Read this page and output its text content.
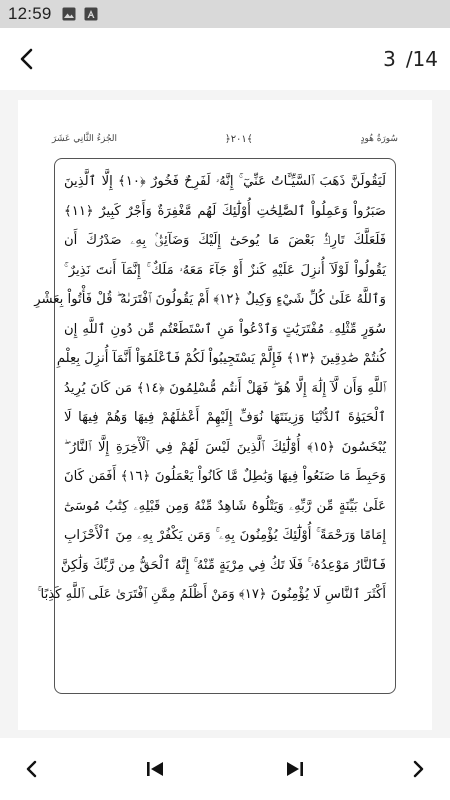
12:59
3 /14
الجُزءُ الثَّانِي عَشَرَ	﴿٢٠١﴾	سُورَةُ هُودٍ
لَيَقُولَنَّ ذَهَبَ ٱلسَّيِّـَٔاتُ عَنِّيٓ ۚ إِنَّهُۥ لَفَرِحٌ فَخُورٌ ﴿١٠﴾ إِلَّا ٱلَّذِينَ
صَبَرُواْ وَعَمِلُواْ ٱلصَّٰلِحَٰتِ أُوْلَٰٓئِكَ لَهُم مَّغْفِرَةٌ وَأَجْرٌ كَبِيرٌ ﴿١١﴾
فَلَعَلَّكَ تَارِكُۢ بَعْضَ مَا يُوحَىٰٓ إِلَيْكَ وَضَآئِقُۢ بِهِۦ صَدْرُكَ أَن
يَقُولُواْ لَوْلَآ أُنزِلَ عَلَيْهِ كَنزٌ أَوْ جَآءَ مَعَهُۥ مَلَكٌ ۚ إِنَّمَآ أَنتَ نَذِيرٌ ۚ
وَٱللَّهُ عَلَىٰ كُلِّ شَيْءٍ وَكِيلٌ ﴿١٢﴾ أَمْ يَقُولُونَ ٱفْتَرَىٰهُ ۖ قُلْ فَأْتُواْ بِعَشْرِ
سُوَرٍ مِّثْلِهِۦ مُفْتَرَيَٰتٍ وَٱدْعُواْ مَنِ ٱسْتَطَعْتُم مِّن دُونِ ٱللَّهِ إِن
كُنتُمْ صَٰدِقِينَ ﴿١٣﴾ فَإِلَّمْ يَسْتَجِيبُواْ لَكُمْ فَٱعْلَمُوٓاْ أَنَّمَآ أُنزِلَ بِعِلْمِ
ٱللَّهِ وَأَن لَّآ إِلَٰهَ إِلَّا هُوَ ۖ فَهَلْ أَنتُم مُّسْلِمُونَ ﴿١٤﴾ مَن كَانَ يُرِيدُ
ٱلْحَيَوٰةَ ٱلدُّنْيَا وَزِينَتَهَا نُوَفِّ إِلَيْهِمْ أَعْمَٰلَهُمْ فِيهَا وَهُمْ فِيهَا لَا
يُبْخَسُونَ ﴿١٥﴾ أُوْلَٰٓئِكَ ٱلَّذِينَ لَيْسَ لَهُمْ فِي ٱلْأٓخِرَةِ إِلَّا ٱلنَّارُ ۖ
وَحَبِطَ مَا صَنَعُواْ فِيهَا وَبَٰطِلٌ مَّا كَانُواْ يَعْمَلُونَ ﴿١٦﴾ أَفَمَن كَانَ
عَلَىٰ بَيِّنَةٍ مِّن رَّبِّهِۦ وَيَتْلُوهُ شَاهِدٌ مِّنْهُ وَمِن قَبْلِهِۦ كِتَٰبُ مُوسَىٰٓ
إِمَامًا وَرَحْمَةً ۚ أُوْلَٰٓئِكَ يُؤْمِنُونَ بِهِۦ ۚ وَمَن يَكْفُرْ بِهِۦ مِنَ ٱلْأَحْزَابِ
فَٱلنَّارُ مَوْعِدُهُۥ ۚ فَلَا تَكُ فِي مِرْيَةٍ مِّنْهُ ۚ إِنَّهُ ٱلْحَقُّ مِن رَّبِّكَ وَلَٰكِنَّ
أَكْثَرَ ٱلنَّاسِ لَا يُؤْمِنُونَ ﴿١٧﴾ وَمَنْ أَظْلَمُ مِمَّنِ ٱفْتَرَىٰ عَلَى ٱللَّهِ كَذِبًا ۚ
